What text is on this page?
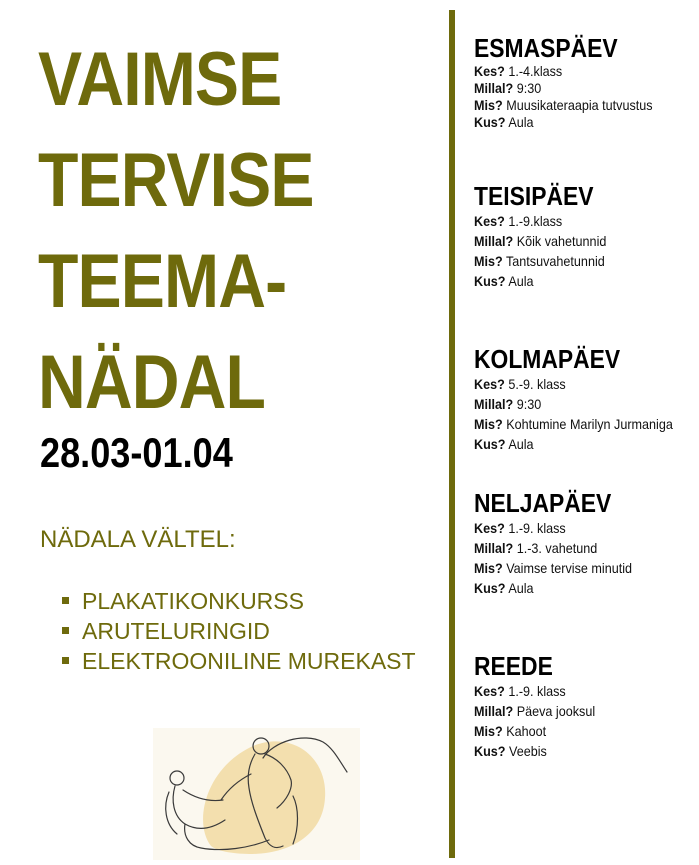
VAIMSE
TERVISE
TEEMA-
NÄDAL
28.03-01.04
NÄDALA VÄLTEL:
PLAKATIKONKURSS
ARUTELURINGID
ELEKTROONILINE MUREKAST
ESMASPÄEV
Kes? 1.-4.klass
Millal? 9:30
Mis? Muusikateraapia tutvustus
Kus? Aula
TEISIPÄEV
Kes? 1.-9.klass
Millal? Kõik vahetunnid
Mis? Tantsuvahetunnid
Kus? Aula
KOLMAPÄEV
Kes? 5.-9. klass
Millal? 9:30
Mis? Kohtumine Marilyn Jurmaniga
Kus? Aula
NELJAPÄEV
Kes? 1.-9. klass
Millal? 1.-3. vahetund
Mis? Vaimse tervise minutid
Kus? Aula
REEDE
Kes? 1.-9. klass
Millal? Päeva jooksul
Mis? Kahoot
Kus? Veebis
